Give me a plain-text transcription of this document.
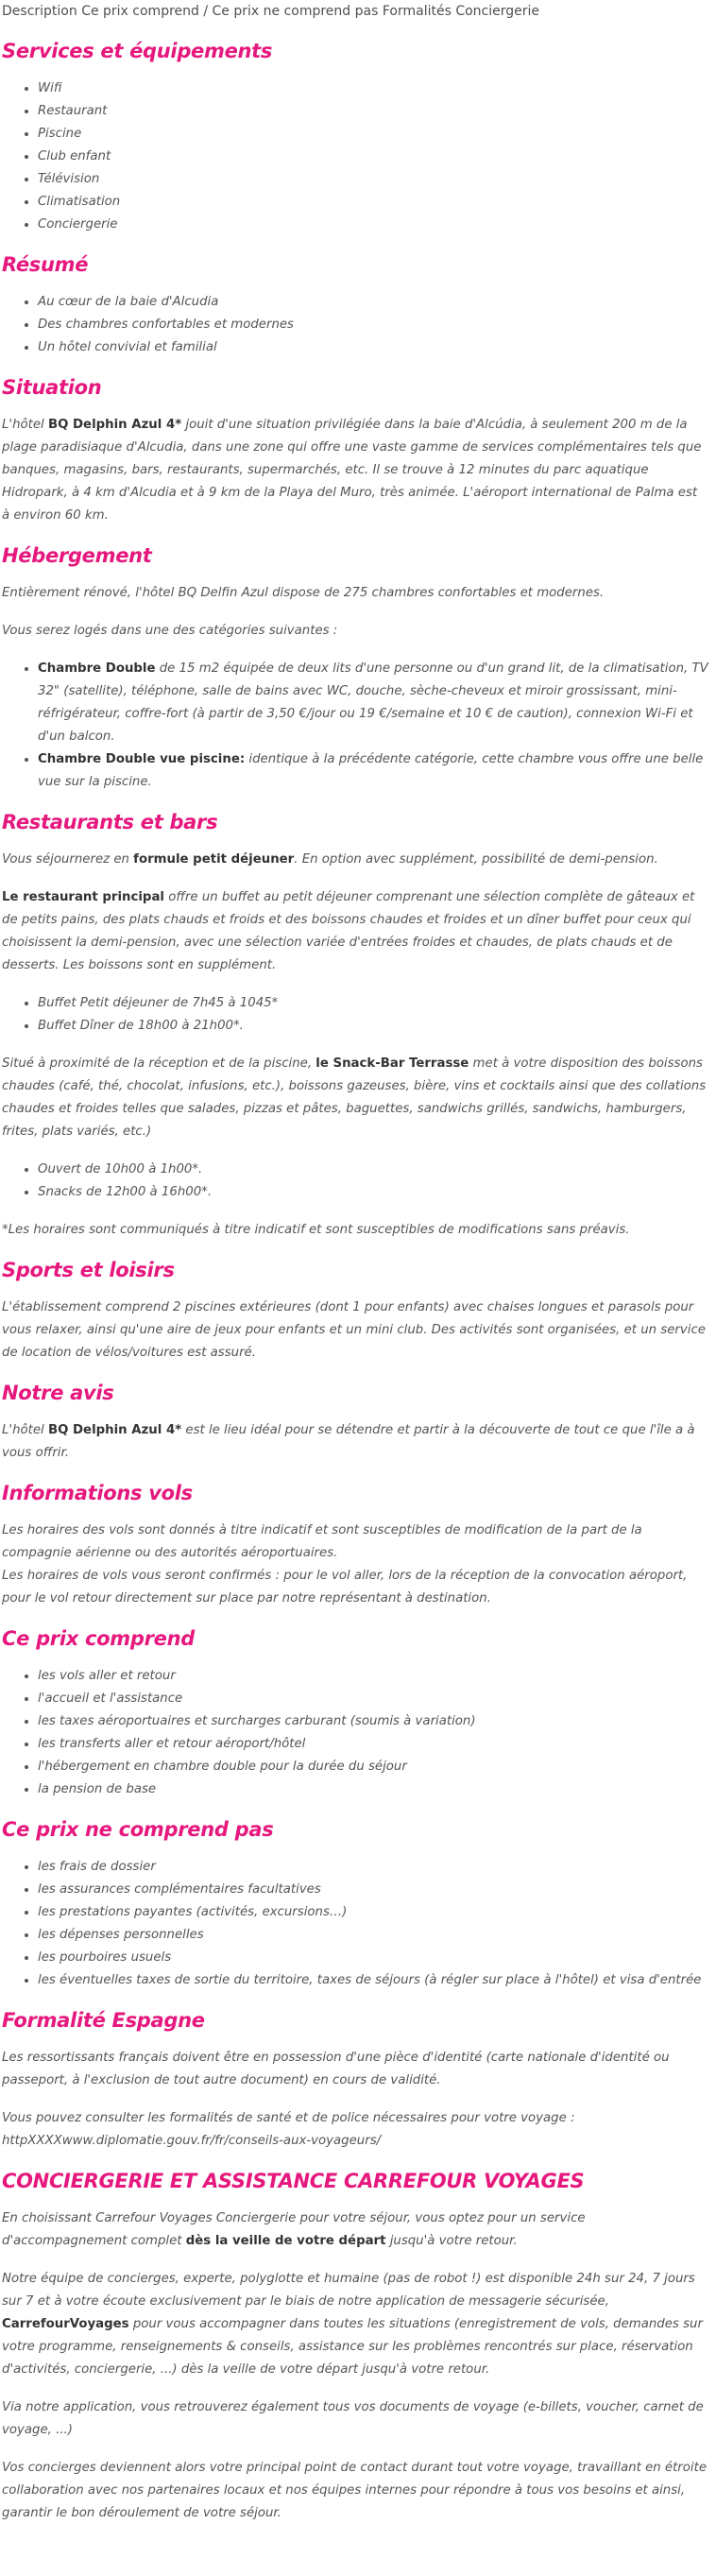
Description Ce prix comprend / Ce prix ne comprend pas Formalités Conciergerie
Services et équipements
• Wifi
• Restaurant
• Piscine
• Club enfant
• Télévision
• Climatisation
• Conciergerie
Résumé
• Au cœur de la baie d'Alcudia
• Des chambres confortables et modernes
• Un hôtel convivial et familial
Situation

L'hôtel BQ Delphin Azul 4* jouit d'une situation privilégiée dans la baie d'Alcúdia, à seulement 200 m de la plage paradisiaque d'Alcudia, dans une zone qui offre une vaste gamme de services complémentaires tels que banques, magasins, bars, restaurants, supermarchés, etc. Il se trouve à 12 minutes du parc aquatique Hidropark, à 4 km d'Alcudia et à 9 km de la Playa del Muro, très animée. L'aéroport international de Palma est à environ 60 km.

Hébergement

Entièrement rénové, l'hôtel BQ Delfin Azul dispose de 275 chambres confortables et modernes.

Vous serez logés dans une des catégories suivantes :

• Chambre Double de 15 m2 équipée de deux lits d'une personne ou d'un grand lit, de la climatisation, TV 32" (satellite), téléphone, salle de bains avec WC, douche, sèche-cheveux et miroir grossissant, mini-réfrigérateur, coffre-fort (à partir de 3,50 €/jour ou 19 €/semaine et 10 € de caution), connexion Wi-Fi et d'un balcon.
• Chambre Double vue piscine: identique à la précédente catégorie, cette chambre vous offre une belle vue sur la piscine.
Restaurants et bars

Vous séjournerez en formule petit déjeuner. En option avec supplément, possibilité de demi-pension.

Le restaurant principal offre un buffet au petit déjeuner comprenant une sélection complète de gâteaux et de petits pains, des plats chauds et froids et des boissons chaudes et froides et un dîner buffet pour ceux qui choisissent la demi-pension, avec une sélection variée d'entrées froides et chaudes, de plats chauds et de desserts. Les boissons sont en supplément.

• Buffet Petit déjeuner de 7h45 à 1045*
• Buffet Dîner de 18h00 à 21h00*.

Situé à proximité de la réception et de la piscine, le Snack-Bar Terrasse met à votre disposition des boissons chaudes (café, thé, chocolat, infusions, etc.), boissons gazeuses, bière, vins et cocktails ainsi que des collations chaudes et froides telles que salades, pizzas et pâtes, baguettes, sandwichs grillés, sandwichs, hamburgers, frites, plats variés, etc.)

• Ouvert de 10h00 à 1h00*.
• Snacks de 12h00 à 16h00*.

*Les horaires sont communiqués à titre indicatif et sont susceptibles de modifications sans préavis.

Sports et loisirs

L'établissement comprend 2 piscines extérieures (dont 1 pour enfants) avec chaises longues et parasols pour vous relaxer, ainsi qu'une aire de jeux pour enfants et un mini club. Des activités sont organisées, et un service de location de vélos/voitures est assuré.

Notre avis

L'hôtel BQ Delphin Azul 4* est le lieu idéal pour se détendre et partir à la découverte de tout ce que l'île a à vous offrir.

Informations vols

Les horaires des vols sont donnés à titre indicatif et sont susceptibles de modification de la part de la compagnie aérienne ou des autorités aéroportuaires.

Les horaires de vols vous seront confirmés : pour le vol aller, lors de la réception de la convocation aéroport, pour le vol retour directement sur place par notre représentant à destination.

Ce prix comprend
• les vols aller et retour
• l'accueil et l'assistance
• les taxes aéroportuaires et surcharges carburant (soumis à variation)
• les transferts aller et retour aéroport/hôtel
• l'hébergement en chambre double pour la durée du séjour
• la pension de base
Ce prix ne comprend pas
• les frais de dossier
• les assurances complémentaires facultatives
• les prestations payantes (activités, excursions…)
• les dépenses personnelles
• les pourboires usuels
• les éventuelles taxes de sortie du territoire, taxes de séjours (à régler sur place à l'hôtel) et visa d'entrée
Formalité Espagne

Les ressortissants français doivent être en possession d'une pièce d'identité (carte nationale d'identité ou passeport, à l'exclusion de tout autre document) en cours de validité.

Vous pouvez consulter les formalités de santé et de police nécessaires pour votre voyage :
httpXXXXwww.diplomatie.gouv.fr/fr/conseils-aux-voyageurs/

CONCIERGERIE ET ASSISTANCE CARREFOUR VOYAGES

En choisissant Carrefour Voyages Conciergerie pour votre séjour, vous optez pour un service d'accompagnement complet dès la veille de votre départ jusqu'à votre retour.

Notre équipe de concierges, experte, polyglotte et humaine (pas de robot !) est disponible 24h sur 24, 7 jours sur 7 et à votre écoute exclusivement par le biais de notre application de messagerie sécurisée, CarrefourVoyages pour vous accompagner dans toutes les situations (enregistrement de vols, demandes sur votre programme, renseignements & conseils, assistance sur les problèmes rencontrés sur place, réservation d'activités, conciergerie, ...) dès la veille de votre départ jusqu'à votre retour.

Via notre application, vous retrouverez également tous vos documents de voyage (e-billets, voucher, carnet de voyage, ...)

Vos concierges deviennent alors votre principal point de contact durant tout votre voyage, travaillant en étroite collaboration avec nos partenaires locaux et nos équipes internes pour répondre à tous vos besoins et ainsi, garantir le bon déroulement de votre séjour.
